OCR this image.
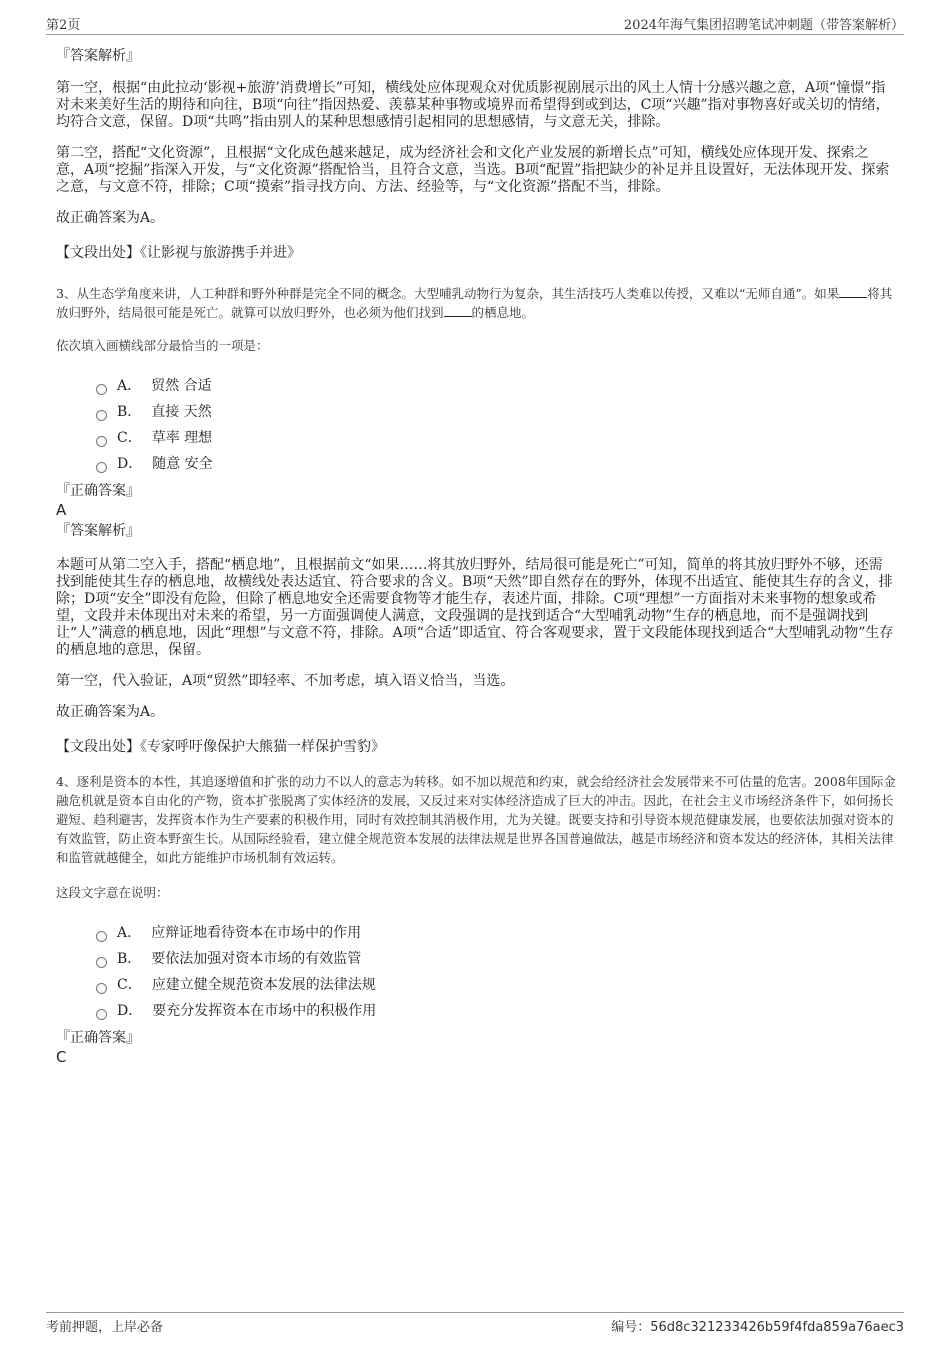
第2页	2024年海气集团招聘笔试冲刺题（带答案解析）

『答案解析』

第一空，根据“由此拉动‘影视+旅游’消费增长”可知，横线处应体现观众对优质影视剧展示出的风土人情十分感兴趣之意，A项“憧憬”指对未来美好生活的期待和向往，B项“向往”指因热爱、羡慕某种事物或境界而希望得到或到达，C项“兴趣”指对事物喜好或关切的情绪，均符合文意，保留。D项“共鸣”指由别人的某种思想感情引起相同的思想感情，与文意无关，排除。

第二空，搭配“文化资源”，且根据“文化成色越来越足，成为经济社会和文化产业发展的新增长点”可知，横线处应体现开发、探索之意，A项“挖掘”指深入开发，与“文化资源”搭配恰当，且符合文意，当选。B项“配置”指把缺少的补足并且设置好，无法体现开发、探索之意，与文意不符，排除；C项“摸索”指寻找方向、方法、经验等，与“文化资源”搭配不当，排除。

故正确答案为A。

【文段出处】《让影视与旅游携手并进》

3、从生态学角度来讲，人工种群和野外种群是完全不同的概念。大型哺乳动物行为复杂，其生活技巧人类难以传授，又难以“无师自通”。如果 将其放归野外，结局很可能是死亡。就算可以放归野外，也必须为他们找到 的栖息地。

依次填入画横线部分最恰当的一项是：

A． 贸然 合适
B． 直接 天然
C． 草率 理想
D． 随意 安全

『正确答案』

A

『答案解析』

本题可从第二空入手，搭配“栖息地”，且根据前文“如果……将其放归野外，结局很可能是死亡”可知，简单的将其放归野外不够，还需找到能使其生存的栖息地，故横线处表达适宜、符合要求的含义。B项“天然”即自然存在的野外，体现不出适宜、能使其生存的含义，排除；D项“安全”即没有危险，但除了栖息地安全还需要食物等才能生存，表述片面，排除。C项“理想”一方面指对未来事物的想象或希望，文段并未体现出对未来的希望，另一方面强调使人满意，文段强调的是找到适合“大型哺乳动物”生存的栖息地，而不是强调找到让“人”满意的栖息地，因此“理想”与文意不符，排除。A项“合适”即适宜、符合客观要求，置于文段能体现找到适合“大型哺乳动物”生存的栖息地的意思，保留。

第一空，代入验证，A项“贸然”即轻率、不加考虑，填入语义恰当，当选。

故正确答案为A。

【文段出处】《专家呼吁像保护大熊猫一样保护雪豹》

4、逐利是资本的本性，其追逐增值和扩张的动力不以人的意志为转移。如不加以规范和约束，就会给经济社会发展带来不可估量的危害。2008年国际金融危机就是资本自由化的产物，资本扩张脱离了实体经济的发展，又反过来对实体经济造成了巨大的冲击。因此，在社会主义市场经济条件下，如何扬长避短、趋利避害，发挥资本作为生产要素的积极作用，同时有效控制其消极作用，尤为关键。既要支持和引导资本规范健康发展，也要依法加强对资本的有效监管，防止资本野蛮生长。从国际经验看，建立健全规范资本发展的法律法规是世界各国普遍做法，越是市场经济和资本发达的经济体，其相关法律和监管就越健全，如此方能维护市场机制有效运转。

这段文字意在说明：

A． 应辩证地看待资本在市场中的作用
B． 要依法加强对资本市场的有效监管
C． 应建立健全规范资本发展的法律法规
D． 要充分发挥资本在市场中的积极作用

『正确答案』

C

考前押题，上岸必备	编号：56d8c321233426b59f4fda859a76aec3
